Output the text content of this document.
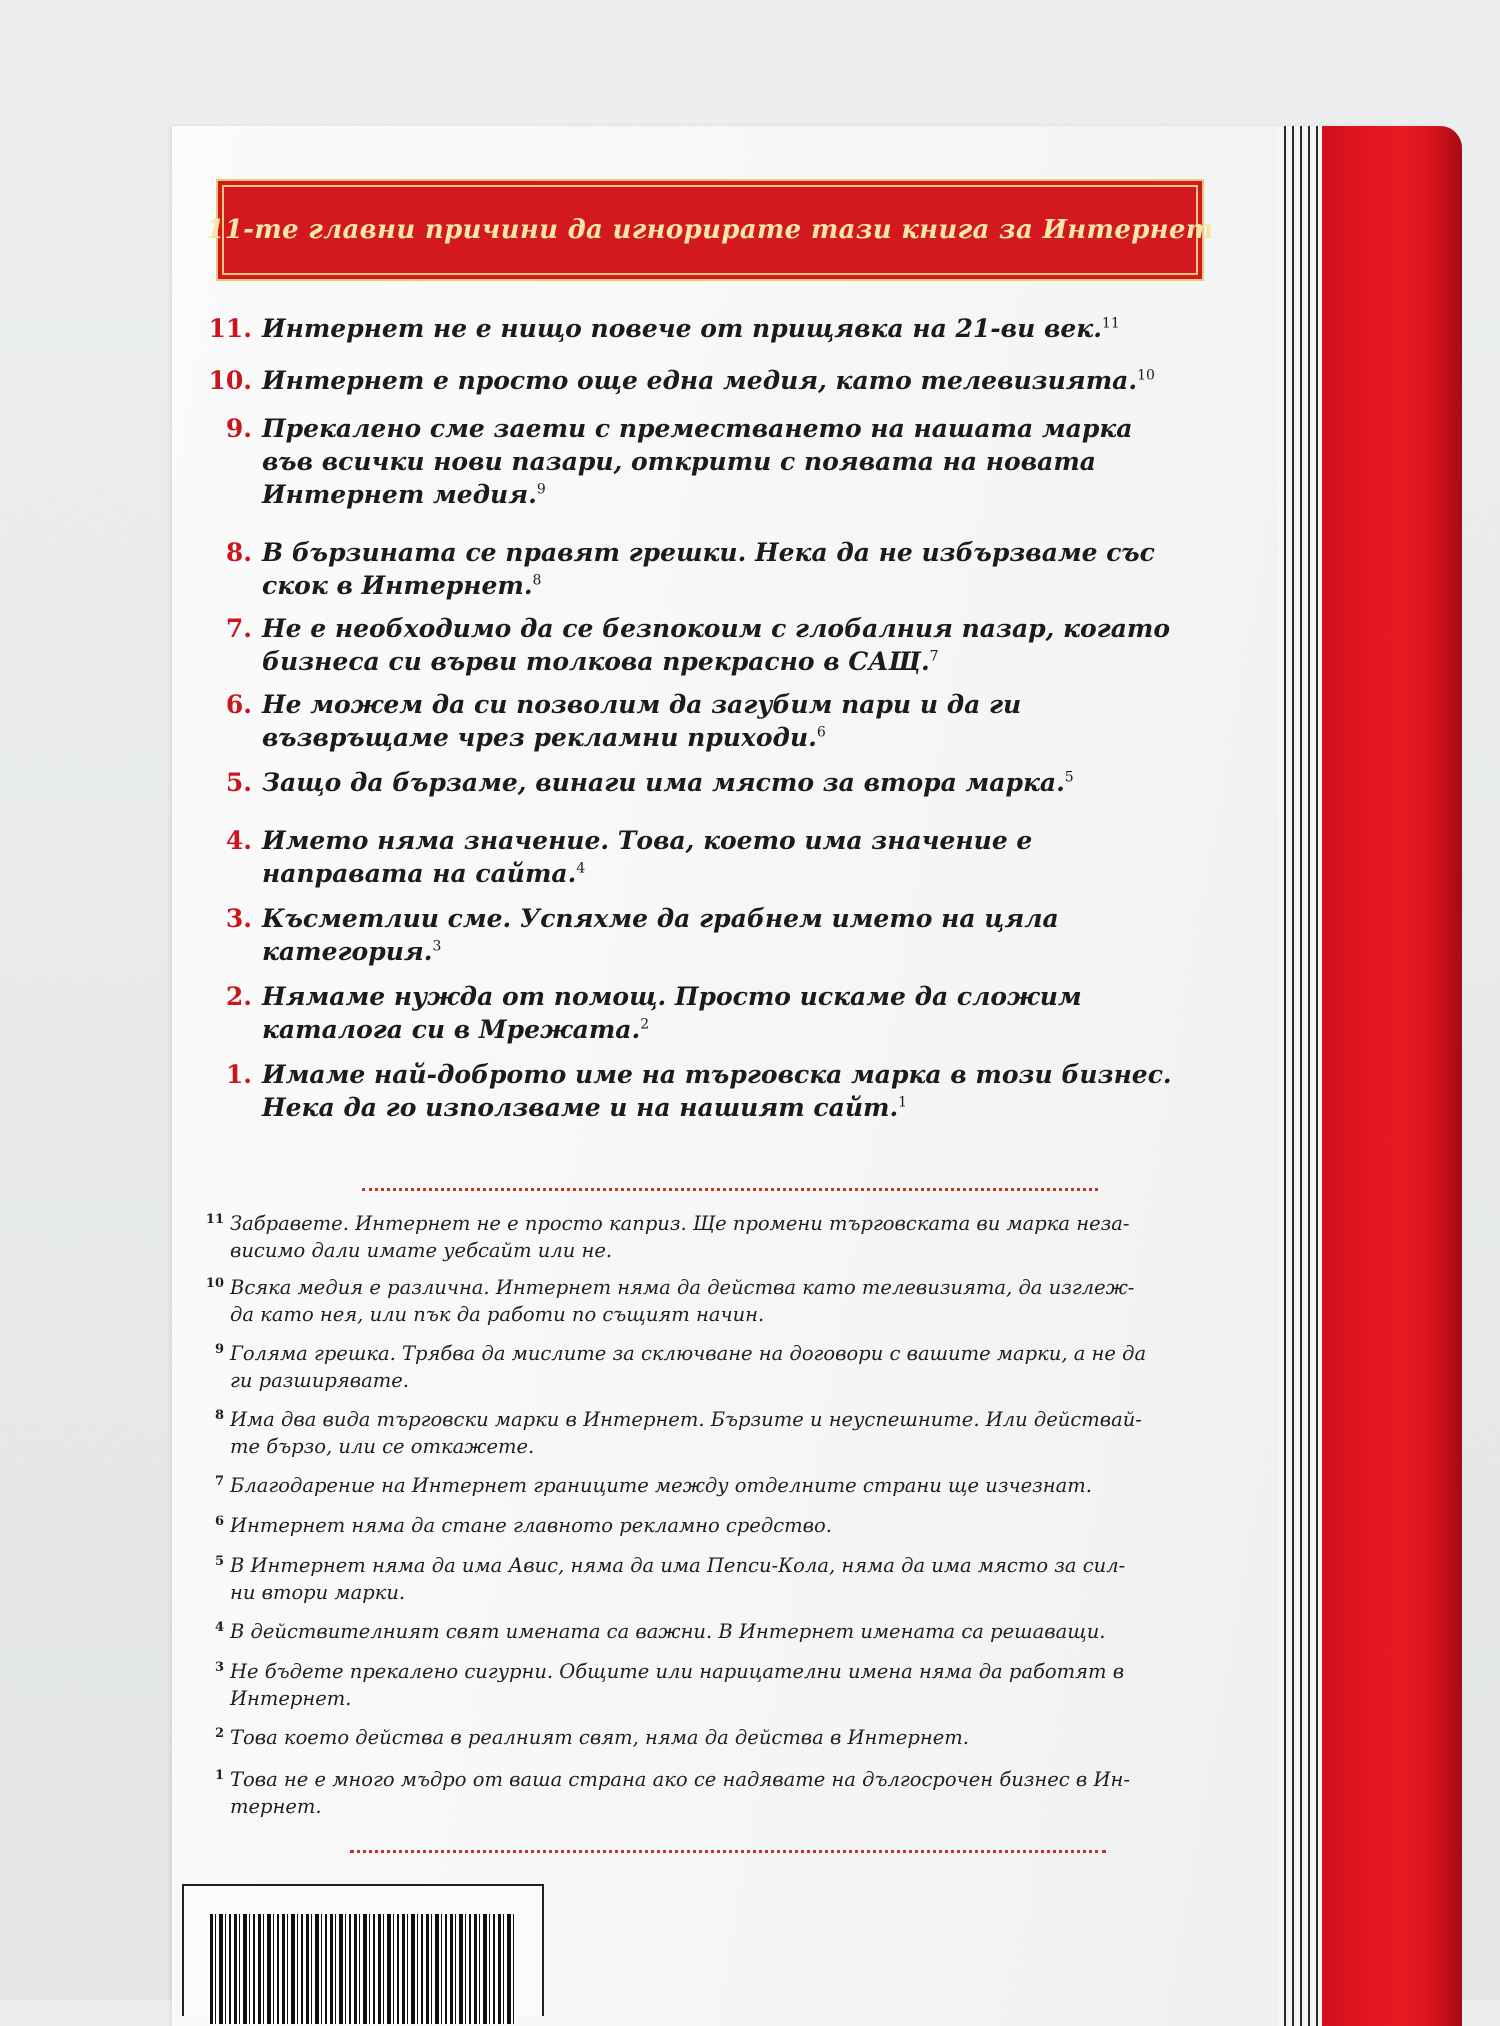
11-те главни причини да игнорирате тази книга за Интернет
11. Интернет не е нищо повече от прищявка на 21-ви век.$^{11}$
10. Интернет е просто още една медия, като телевизията.$^{10}$
9. Прекалено сме заети с преместването на нашата марка
във всички нови пазари, открити с появата на новата
Интернет медия.$^9$
8. В бързината се правят грешки. Нека да не избързваме със
скок в Интернет.$^8$
7. Не е необходимо да се безпокоим с глобалния пазар, когато
бизнеса си върви толкова прекрасно в САЩ.$^7$
6. Не можем да си позволим да загубим пари и да ги
възвръщаме чрез рекламни приходи.$^6$
5. Защо да бързаме, винаги има място за втора марка.$^5$
4. Името няма значение. Това, което има значение е
направата на сайта.$^4$
3. Късметлии сме. Успяхме да грабнем името на цяла
категория.$^3$
2. Нямаме нужда от помощ. Просто искаме да сложим
каталога си в Мрежата.$^2$
1. Имаме най-доброто име на търговска марка в този бизнес.
Нека да го използваме и на нашият сайт.$^1$
11 Забравете. Интернет не е просто каприз. Ще промени търговската ви марка неза-
висимо дали имате уебсайт или не.
10 Всяка медия е различна. Интернет няма да действа като телевизията, да изглеж-
да като нея, или пък да работи по същият начин.
9 Голяма грешка. Трябва да мислите за сключване на договори с вашите марки, а не да
ги разширявате.
8 Има два вида търговски марки в Интернет. Бързите и неуспешните. Или действай-
те бързо, или се откажете.
7 Благодарение на Интернет границите между отделните страни ще изчезнат.
6 Интернет няма да стане главното рекламно средство.
5 В Интернет няма да има Авис, няма да има Пепси-Кола, няма да има място за сил-
ни втори марки.
4 В действителният свят имената са важни. В Интернет имената са решаващи.
3 Не бъдете прекалено сигурни. Общите или нарицателни имена няма да работят в
Интернет.
2 Това което действа в реалният свят, няма да действа в Интернет.
1 Това не е много мъдро от ваша страна ако се надявате на дългосрочен бизнес в Ин-
тернет.
